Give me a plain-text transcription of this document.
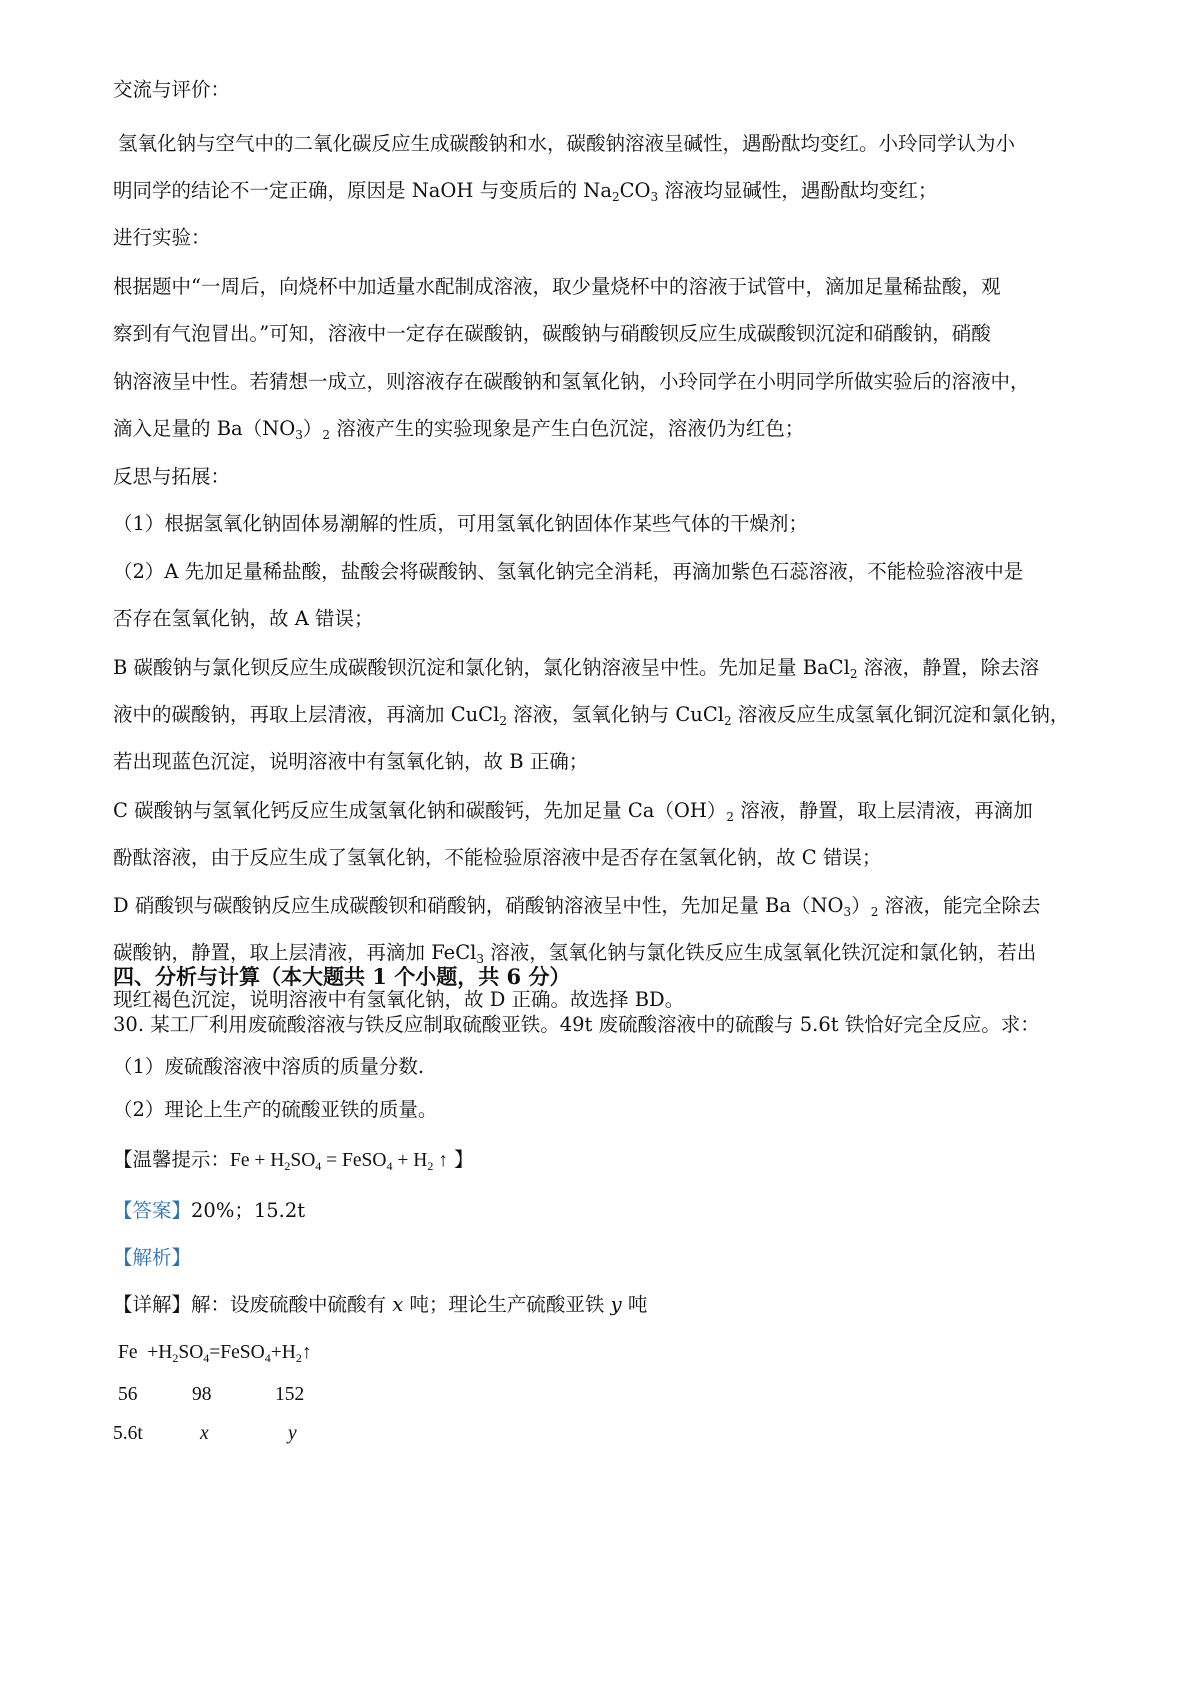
交流与评价：
氢氧化钠与空气中的二氧化碳反应生成碳酸钠和水，碳酸钠溶液呈碱性，遇酚酞均变红。小玲同学认为小
明同学的结论不一定正确，原因是 NaOH 与变质后的 $Na_2CO_3$ 溶液均显碱性，遇酚酞均变红；
进行实验：
根据题中“一周后，向烧杯中加适量水配制成溶液，取少量烧杯中的溶液于试管中，滴加足量稀盐酸，观
察到有气泡冒出。”可知，溶液中一定存在碳酸钠，碳酸钠与硝酸钡反应生成碳酸钡沉淀和硝酸钠，硝酸
钠溶液呈中性。若猜想一成立，则溶液存在碳酸钠和氢氧化钠，小玲同学在小明同学所做实验后的溶液中，
滴入足量的 $Ba(NO_3)_2$ 溶液产生的实验现象是产生白色沉淀，溶液仍为红色；
反思与拓展：
（1）根据氢氧化钠固体易潮解的性质，可用氢氧化钠固体作某些气体的干燥剂；
（2）A 先加足量稀盐酸，盐酸会将碳酸钠、氢氧化钠完全消耗，再滴加紫色石蕊溶液，不能检验溶液中是
否存在氢氧化钠，故 A 错误；
B 碳酸钠与氯化钡反应生成碳酸钡沉淀和氯化钠，氯化钠溶液呈中性。先加足量 BaCl$_2$ 溶液，静置，除去溶
液中的碳酸钠，再取上层清液，再滴加 CuCl$_2$ 溶液，氢氧化钠与 CuCl$_2$ 溶液反应生成氢氧化铜沉淀和氯化钠，
若出现蓝色沉淀，说明溶液中有氢氧化钠，故 B 正确；
C 碳酸钠与氢氧化钙反应生成氢氧化钠和碳酸钙，先加足量 $Ca(OH)_2$ 溶液，静置，取上层清液，再滴加
酚酞溶液，由于反应生成了氢氧化钠，不能检验原溶液中是否存在氢氧化钠，故 C 错误；
D 硝酸钡与碳酸钠反应生成碳酸钡和硝酸钠，硝酸钠溶液呈中性，先加足量 $Ba(NO_3)_2$ 溶液，能完全除去
碳酸钠，静置，取上层清液，再滴加 FeCl$_3$ 溶液，氢氧化钠与氯化铁反应生成氢氧化铁沉淀和氯化钠，若出
现红褐色沉淀，说明溶液中有氢氧化钠，故 D 正确。故选择 BD。
四、分析与计算（本大题共 1 个小题，共 6 分）
30. 某工厂利用废硫酸溶液与铁反应制取硫酸亚铁。49t 废硫酸溶液中的硫酸与 5.6t 铁恰好完全反应。求：
（1）废硫酸溶液中溶质的质量分数.
（2）理论上生产的硫酸亚铁的质量。
【温馨提示：$Fe + H_2SO_4$ = FeSO$_4$ + $H_2$ ↑ 】
【答案】20%；15.2t
【解析】
【详解】解：设废硫酸中硫酸有 x 吨；理论生产硫酸亚铁 y 吨
$Fe +H_2SO_4=FeSO_4+H_2↑$
56	98	152
5.6t	x	y
